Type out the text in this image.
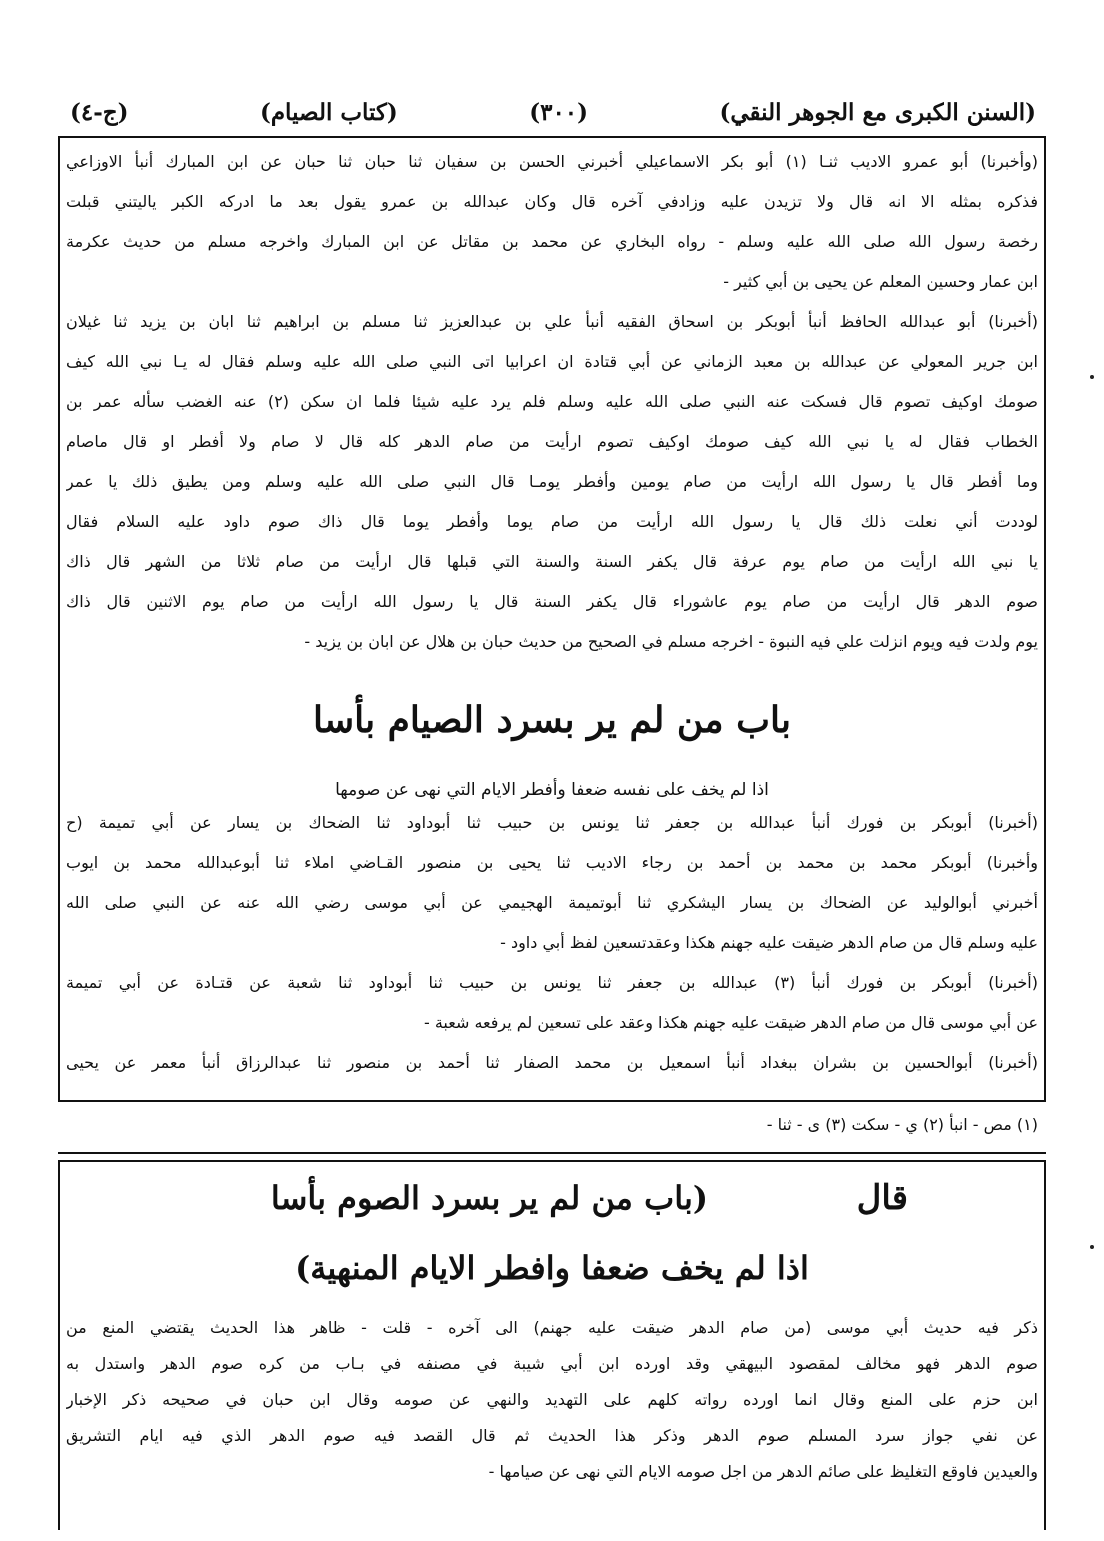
(السنن الكبرى مع الجوهر النقي)
(٣٠٠)
(كتاب الصيام)
(ج-٤)
(وأخبرنا) أبو عمرو الاديب ثنـا (١) أبو بكر الاسماعيلي أخبرني الحسن بن سفيان ثنا حبان ثنا حبان عن ابن المبارك أنبأ الاوزاعي
فذكره بمثله الا انه قال ولا تزيدن عليه وزادفي آخره قال وكان عبدالله بن عمرو يقول بعد ما ادركه الكبر ياليتني قبلت
رخصة رسول الله صلى الله عليه وسلم - رواه البخاري عن محمد بن مقاتل عن ابن المبارك واخرجه مسلم من حديث عكرمة
ابن عمار وحسين المعلم عن يحيى بن أبي كثير -
(أخبرنا) أبو عبدالله الحافظ أنبأ أبوبكر بن اسحاق الفقيه أنبأ علي بن عبدالعزيز ثنا مسلم بن ابراهيم ثنا ابان بن يزيد ثنا غيلان
ابن جرير المعولي عن عبدالله بن معبد الزماني عن أبي قتادة ان اعرابيا اتى النبي صلى الله عليه وسلم فقال له يـا نبي الله كيف
صومك اوكيف تصوم قال فسكت عنه النبي صلى الله عليه وسلم فلم يرد عليه شيئا فلما ان سكن (٢) عنه الغضب سأله عمر بن
الخطاب فقال له يا نبي الله كيف صومك اوكيف تصوم ارأيت من صام الدهر كله قال لا صام ولا أفطر او قال ماصام
وما أفطر قال يا رسول الله ارأيت من صام يومين وأفطر يومـا قال النبي صلى الله عليه وسلم ومن يطيق ذلك يا عمر
لوددت أني نعلت ذلك قال يا رسول الله ارأيت من صام يوما وأفطر يوما قال ذاك صوم داود عليه السلام فقال
يا نبي الله ارأيت من صام يوم عرفة قال يكفر السنة والسنة التي قبلها قال ارأيت من صام ثلاثا من الشهر قال ذاك
صوم الدهر قال ارأيت من صام يوم عاشوراء قال يكفر السنة قال يا رسول الله ارأيت من صام يوم الاثنين قال ذاك
يوم ولدت فيه ويوم انزلت علي فيه النبوة - اخرجه مسلم في الصحيح من حديث حبان بن هلال عن ابان بن يزيد -
باب من لم ير بسرد الصيام بأسا
اذا لم يخف على نفسه ضعفا وأفطر الايام التي نهى عن صومها
(أخبرنا) أبوبكر بن فورك أنبأ عبدالله بن جعفر ثنا يونس بن حبيب ثنا أبوداود ثنا الضحاك بن يسار عن أبي تميمة (ح
وأخبرنا) أبوبكر محمد بن محمد بن أحمد بن رجاء الاديب ثنا يحيى بن منصور القـاضي املاء ثنا أبوعبدالله محمد بن ايوب
أخبرني أبوالوليد عن الضحاك بن يسار اليشكري ثنا أبوتميمة الهجيمي عن أبي موسى رضي الله عنه عن النبي صلى الله
عليه وسلم قال من صام الدهر ضيقت عليه جهنم هكذا وعقدتسعين لفظ أبي داود -
(أخبرنا) أبوبكر بن فورك أنبأ (٣) عبدالله بن جعفر ثنا يونس بن حبيب ثنا أبوداود ثنا شعبة عن قتـادة عن أبي تميمة
عن أبي موسى قال من صام الدهر ضيقت عليه جهنم هكذا وعقد على تسعين لم يرفعه شعبة -
(أخبرنا) أبوالحسين بن بشران ببغداد أنبأ اسمعيل بن محمد الصفار ثنا أحمد بن منصور ثنا عبدالرزاق أنبأ معمر عن يحيى
(١) مص - انبأ (٢) ي - سكت (٣) ى - ثنا -
قال
(باب من لم ير بسرد الصوم بأسا
اذا لم يخف ضعفا وافطر الايام المنهية)
ذكر فيه حديث أبي موسى (من صام الدهر ضيقت عليه جهنم) الى آخره - قلت - ظاهر هذا الحديث يقتضي المنع من
صوم الدهر فهو مخالف لمقصود البيهقي وقد اورده ابن أبي شيبة في مصنفه في بـاب من كره صوم الدهر واستدل به
ابن حزم على المنع وقال انما اورده رواته كلهم على التهديد والنهي عن صومه وقال ابن حبان في صحيحه ذكر الإخبار
عن نفي جواز سرد المسلم صوم الدهر وذكر هذا الحديث ثم قال القصد فيه صوم الدهر الذي فيه ايام التشريق
والعيدين فاوقع التغليظ على صائم الدهر من اجل صومه الايام التي نهى عن صيامها -
